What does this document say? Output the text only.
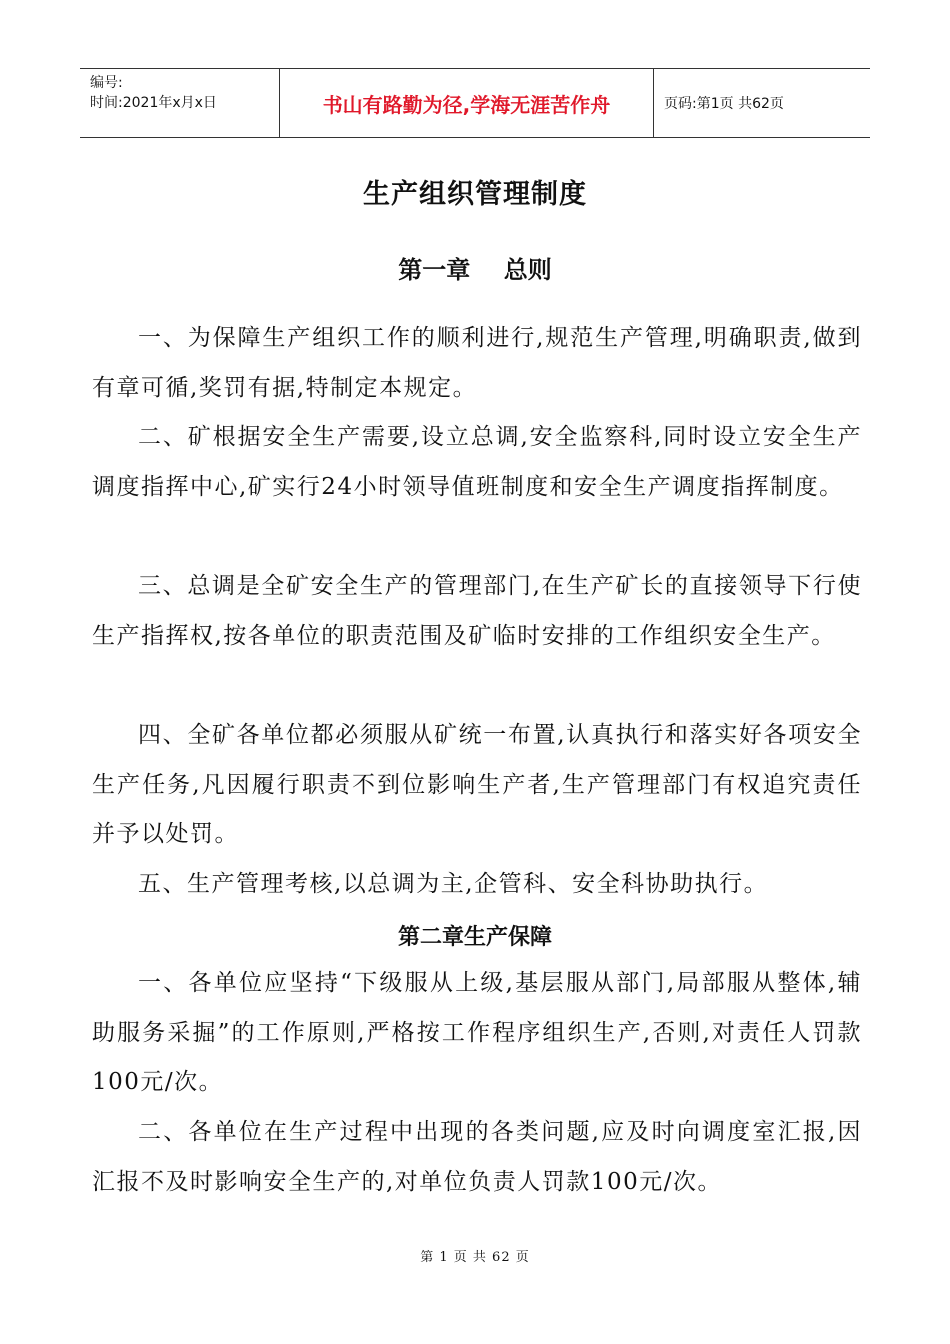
编号:
时间:2021年x月x日	书山有路勤为径,学海无涯苦作舟	页码:第1页 共62页
生产组织管理制度
第一章    总则
一、为保障生产组织工作的顺利进行,规范生产管理,明确职责,做到有章可循,奖罚有据,特制定本规定。
二、矿根据安全生产需要,设立总调,安全监察科,同时设立安全生产调度指挥中心,矿实行24小时领导值班制度和安全生产调度指挥制度。
三、总调是全矿安全生产的管理部门,在生产矿长的直接领导下行使生产指挥权,按各单位的职责范围及矿临时安排的工作组织安全生产。
四、全矿各单位都必须服从矿统一布置,认真执行和落实好各项安全生产任务,凡因履行职责不到位影响生产者,生产管理部门有权追究责任并予以处罚。
五、生产管理考核,以总调为主,企管科、安全科协助执行。
第二章生产保障
一、各单位应坚持“下级服从上级,基层服从部门,局部服从整体,辅助服务采掘”的工作原则,严格按工作程序组织生产,否则,对责任人罚款100元/次。
二、各单位在生产过程中出现的各类问题,应及时向调度室汇报,因汇报不及时影响安全生产的,对单位负责人罚款100元/次。
第 1 页 共 62 页
